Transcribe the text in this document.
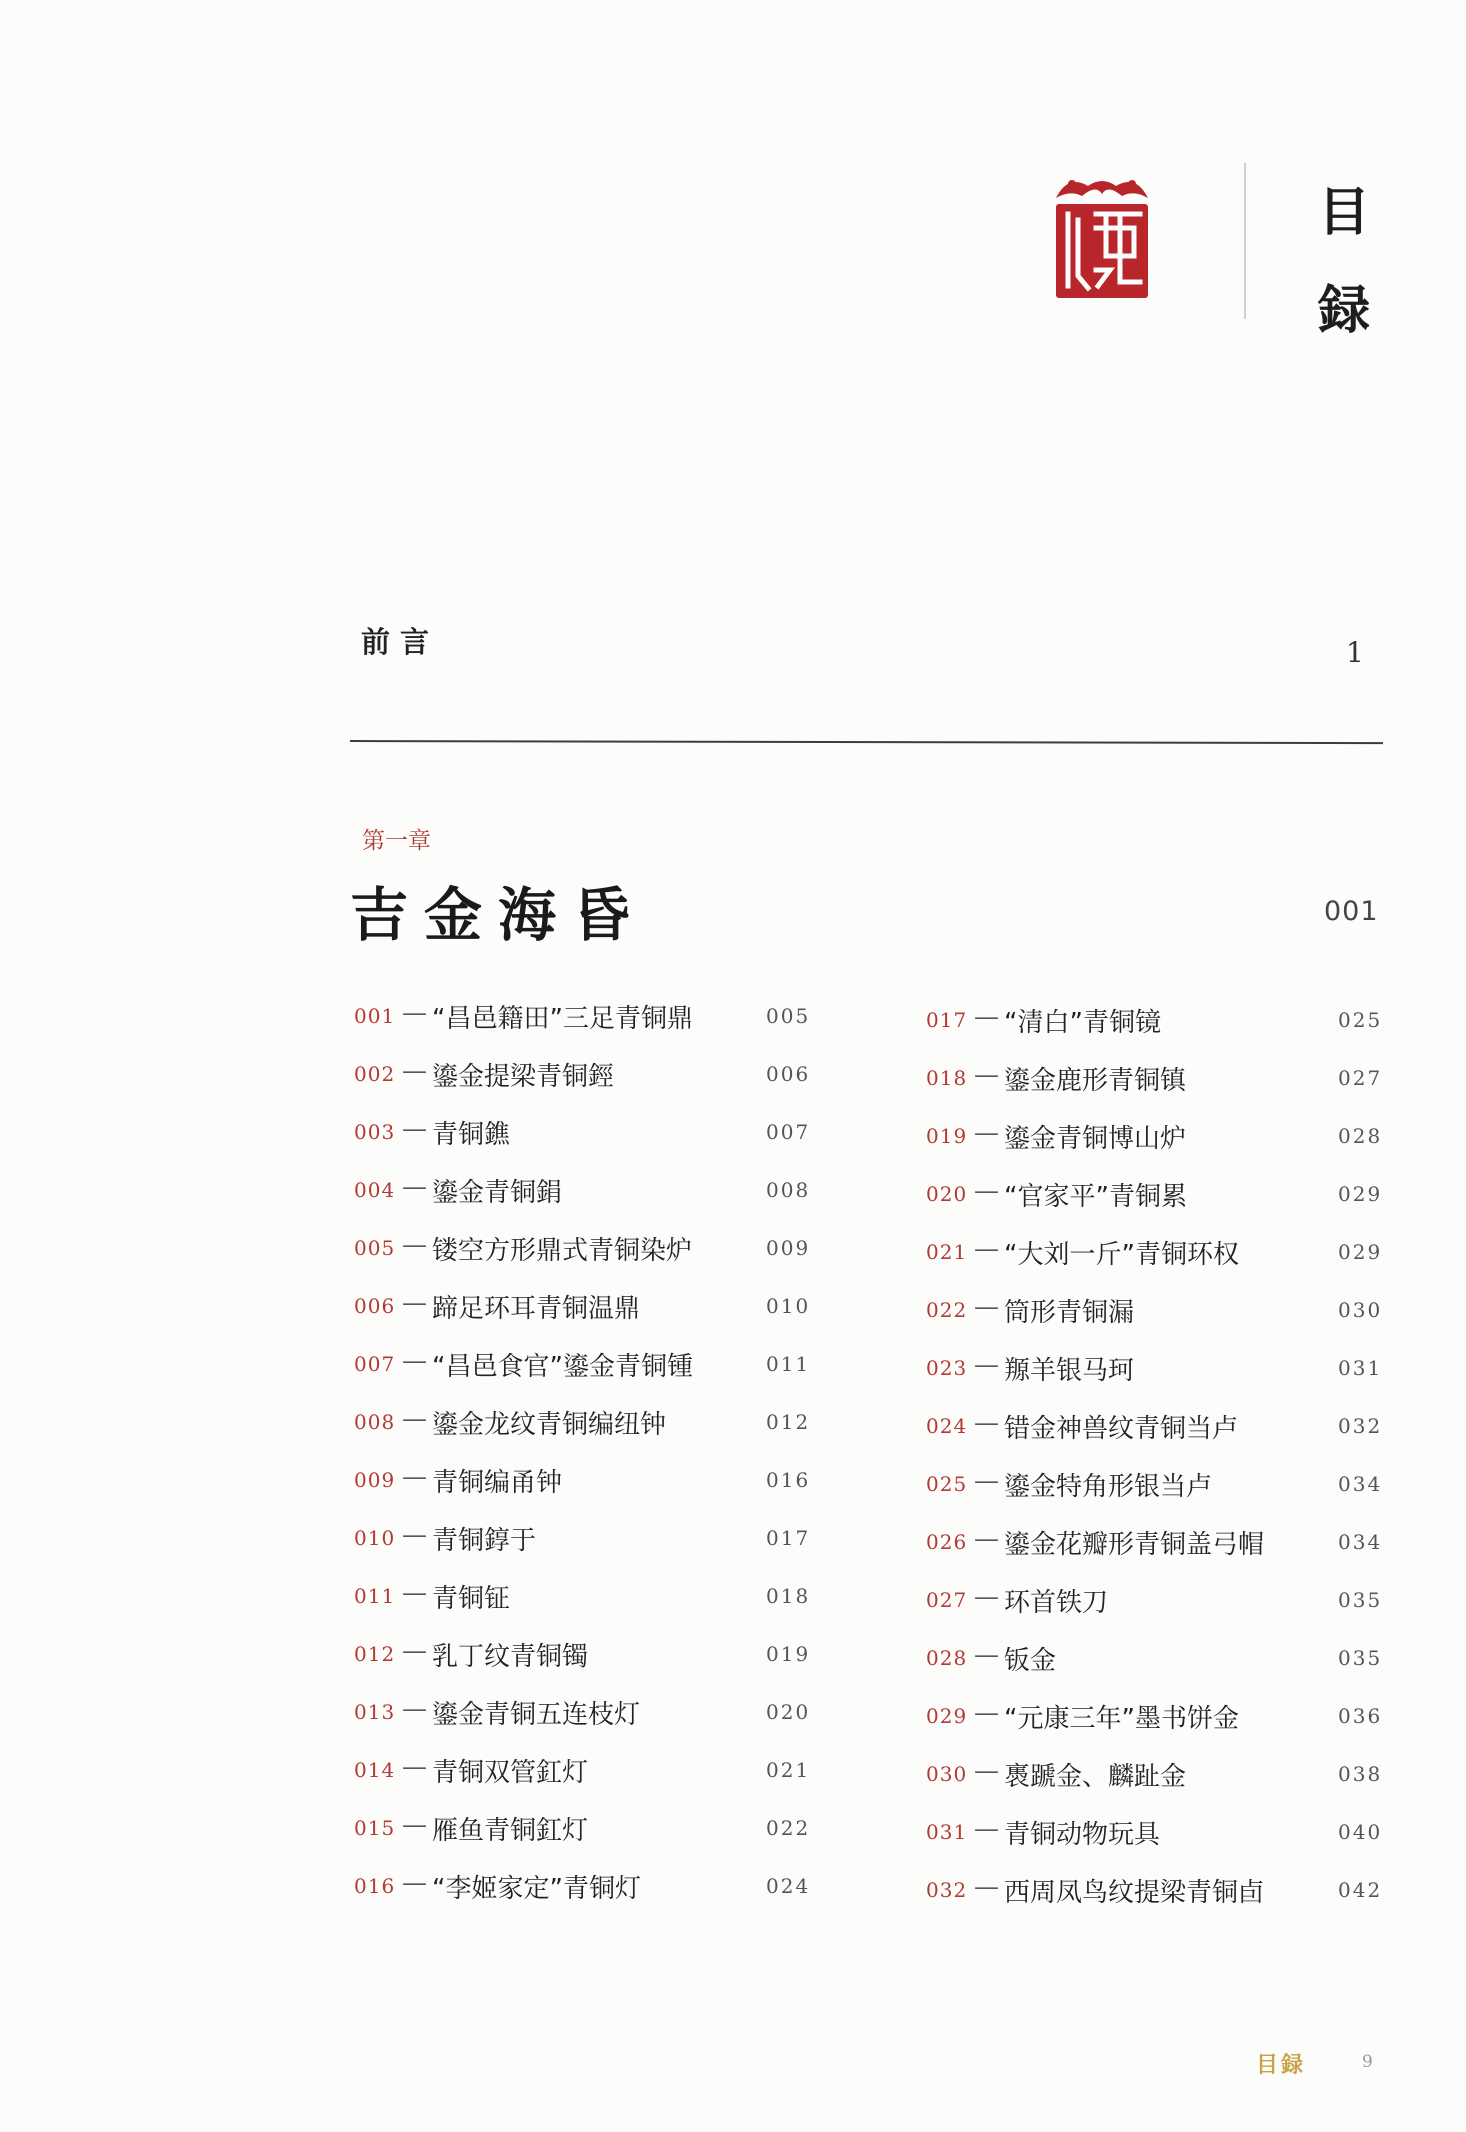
目
録
前言	1
第一章
吉金海昏	001
001 — “昌邑籍田”三足青铜鼎	005
002 — 鎏金提梁青铜鋞	006
003 — 青铜鐎	007
004 — 鎏金青铜鋗	008
005 — 镂空方形鼎式青铜染炉	009
006 — 蹄足环耳青铜温鼎	010
007 — “昌邑食官”鎏金青铜锺	011
008 — 鎏金龙纹青铜编纽钟	012
009 — 青铜编甬钟	016
010 — 青铜錞于	017
011 — 青铜钲	018
012 — 乳丁纹青铜镯	019
013 — 鎏金青铜五连枝灯	020
014 — 青铜双管釭灯	021
015 — 雁鱼青铜釭灯	022
016 — “李姬家定”青铜灯	024
017 — “清白”青铜镜	025
018 — 鎏金鹿形青铜镇	027
019 — 鎏金青铜博山炉	028
020 — “官家平”青铜累	029
021 — “大刘一斤”青铜环权	029
022 — 筒形青铜漏	030
023 — 羱羊银马珂	031
024 — 错金神兽纹青铜当卢	032
025 — 鎏金特角形银当卢	034
026 — 鎏金花瓣形青铜盖弓帽	034
027 — 环首铁刀	035
028 — 钣金	035
029 — “元康三年”墨书饼金	036
030 — 褭蹏金、麟趾金	038
031 — 青铜动物玩具	040
032 — 西周凤鸟纹提梁青铜卣	042
目録	9
